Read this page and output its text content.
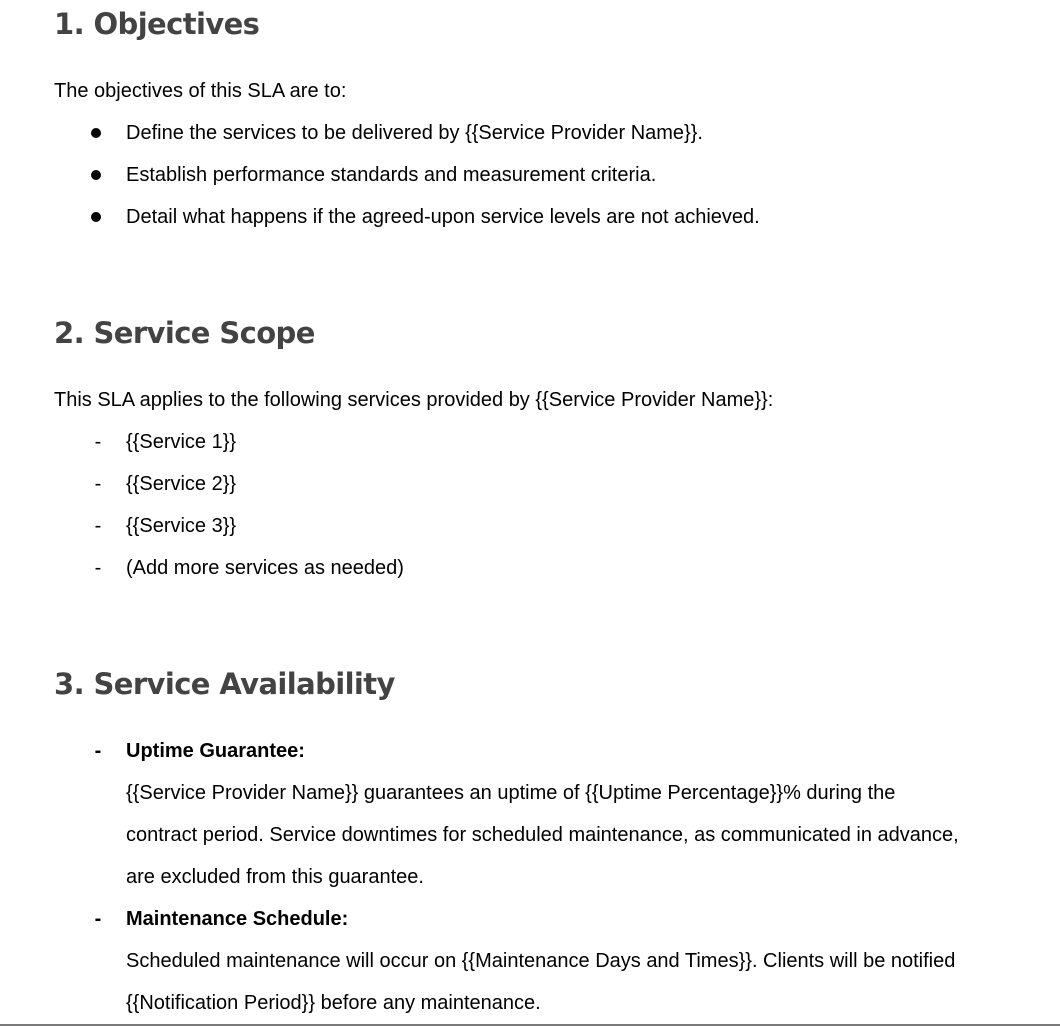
1. Objectives

The objectives of this SLA are to:

Define the services to be delivered by {{Service Provider Name}}.

Establish performance standards and measurement criteria.

Detail what happens if the agreed-upon service levels are not achieved.

2. Service Scope

This SLA applies to the following services provided by {{Service Provider Name}}:

-	{{Service 1}}

-	{{Service 2}}

-	{{Service 3}}

-	(Add more services as needed)

3. Service Availability
-	Uptime Guarantee:

{{Service Provider Name}} guarantees an uptime of {{Uptime Percentage}}% during the

contract period. Service downtimes for scheduled maintenance, as communicated in advance,

are excluded from this guarantee.

-	Maintenance Schedule:

Scheduled maintenance will occur on {{Maintenance Days and Times}}. Clients will be notified

{{Notification Period}} before any maintenance.
